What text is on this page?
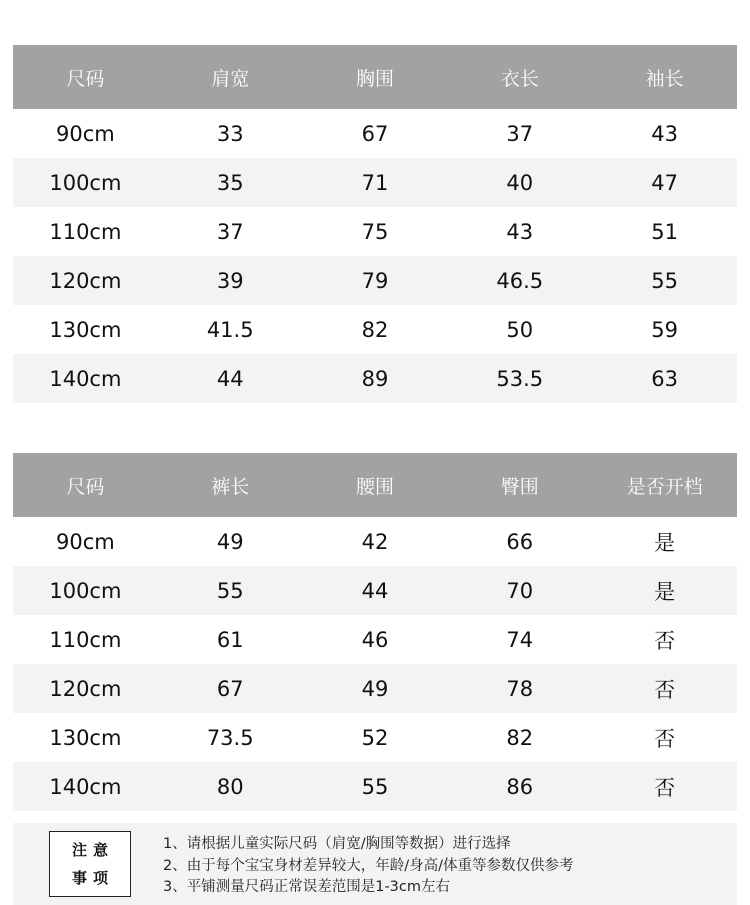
尺码	肩宽	胸围	衣长	袖长
90cm	33	67	37	43
100cm	35	71	40	47
110cm	37	75	43	51
120cm	39	79	46.5	55
130cm	41.5	82	50	59
140cm	44	89	53.5	63
尺码	裤长	腰围	臀围	是否开档
90cm	49	42	66	是
100cm	55	44	70	是
110cm	61	46	74	否
120cm	67	49	78	否
130cm	73.5	52	82	否
140cm	80	55	86	否
注意
事项
1、请根据儿童实际尺码（肩宽/胸围等数据）进行选择
2、由于每个宝宝身材差异较大，年龄/身高/体重等参数仅供参考
3、平铺测量尺码正常误差范围是1-3cm左右
